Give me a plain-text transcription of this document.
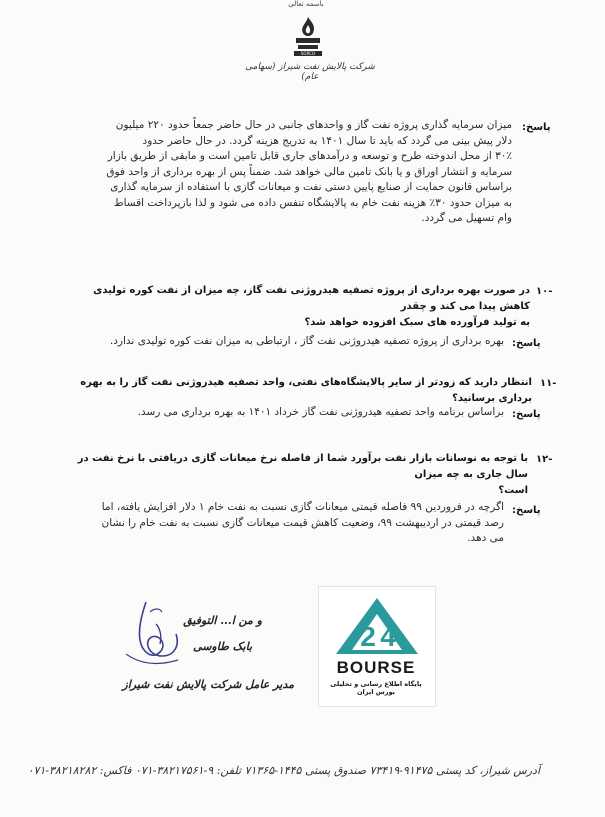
باسمه تعالی
SORCO
شرکت پالایش نفت شیراز (سهامی عام)
پاسخ:
میزان سرمایه گذاری پروژه نفت گاز و واحدهای جانبی در حال حاضر جمعاً حدود ۲۲۰ میلیون
دلار پیش بینی می گردد که باید تا سال ۱۴۰۱ به تدریج هزینه گردد. در حال حاضر حدود
۳۰٪ از محل اندوخته طرح و توسعه و درآمدهای جاری قابل تامین است و مابقی از طریق بازار
سرمایه و انتشار اوراق و یا بانک تامین مالی خواهد شد. ضمناً پس از بهره برداری از واحد فوق
براساس قانون حمایت از صنایع پایین دستی نفت و میعانات گازی با استفاده از سرمایه گذاری
به میزان حدود ۳۰٪ هزینه نفت خام به پالایشگاه تنفس داده می شود و لذا بازپرداخت اقساط
وام تسهیل می گردد.
۱۰-
در صورت بهره برداری از پروژه تصفیه هیدروژنی نفت گاز، چه میزان از نفت کوره تولیدی کاهش پیدا می کند و چقدر
به تولید فرآورده های سبک افزوده خواهد شد؟
پاسخ:
بهره برداری از پروژه تصفیه هیدروژنی نفت گاز ، ارتباطی به میزان نفت کوره تولیدی ندارد.
۱۱-
انتظار دارید که زودتر از سایر پالایشگاه‌های نفتی، واحد تصفیه هیدروژنی نفت گاز را به بهره برداری برسانید؟
پاسخ:
براساس برنامه واحد تصفیه هیدروژنی نفت گاز خرداد ۱۴۰۱ به بهره برداری می رسد.
۱۲-
با توجه به نوسانات بازار نفت برآورد شما از فاصله نرخ میعانات گازی دریافتی با نرخ نفت در سال جاری به چه میزان
است؟
پاسخ:
اگرچه در فروردین ۹۹ فاصله قیمتی میعانات گازی نسبت به نفت خام ۱ دلار افزایش یافته، اما
رصد قیمتی در اردیبهشت ۹۹، وضعیت کاهش قیمت میعانات گازی نسبت به نفت خام را نشان
می دهد.
و من ا... التوفیق
بابک طاوسی
مدیر عامل شرکت پالایش نفت شیراز
2 4
BOURSE
پایگاه اطلاع رسانی و تحلیلی بورس ایران
آدرس شیراز، کد پستی ۹۱۴۷۵-۷۳۴۱۹ صندوق پستی ۱۴۴۵-۷۱۳۶۵ تلفن: ۹-۳۸۲۱۷۵۶۱-۰۷۱ فاکس: ۳۸۲۱۸۲۸۲-۰۷۱
